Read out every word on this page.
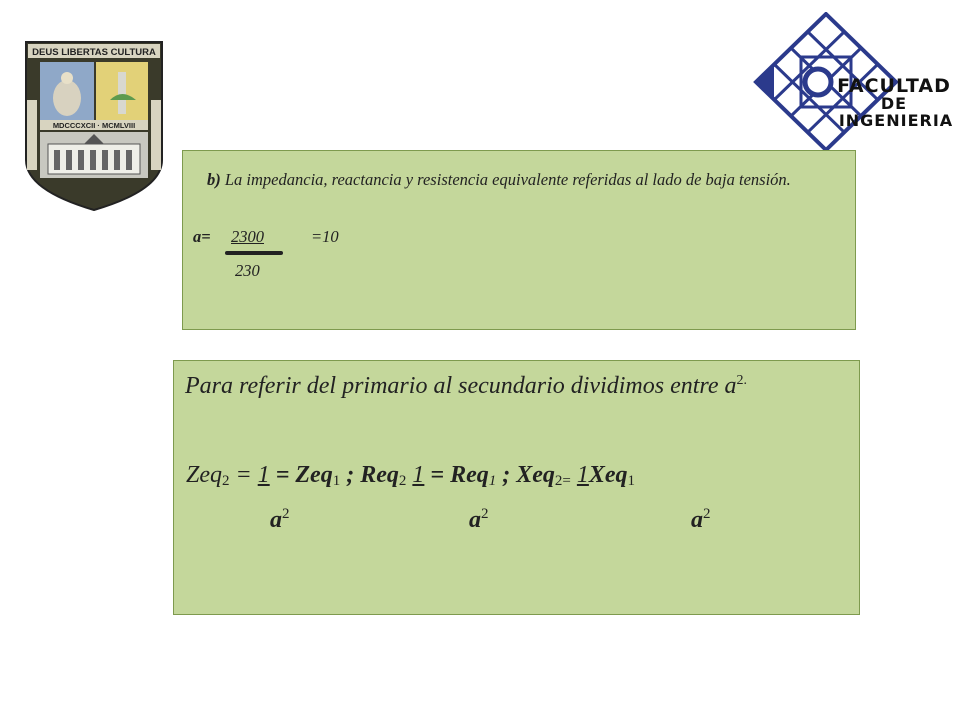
DEUS LIBERTAS CULTURA
MDCCCXCII · MCMLVIII
FACULTAD
DE
INGENIERIA
b) La impedancia, reactancia y resistencia equivalente referidas al lado de baja tensión.
a= 2300	=10
230
Para referir del primario al secundario dividimos entre $a^{2.}$
Zeq$_2$ = 1 = Zeq$_1$ ; Req$_2$ 1 = Req$_1$ ; Xeq$_{2=}$ 1Xeq$_1$
$a^2$	$a^2$	$a^2$
